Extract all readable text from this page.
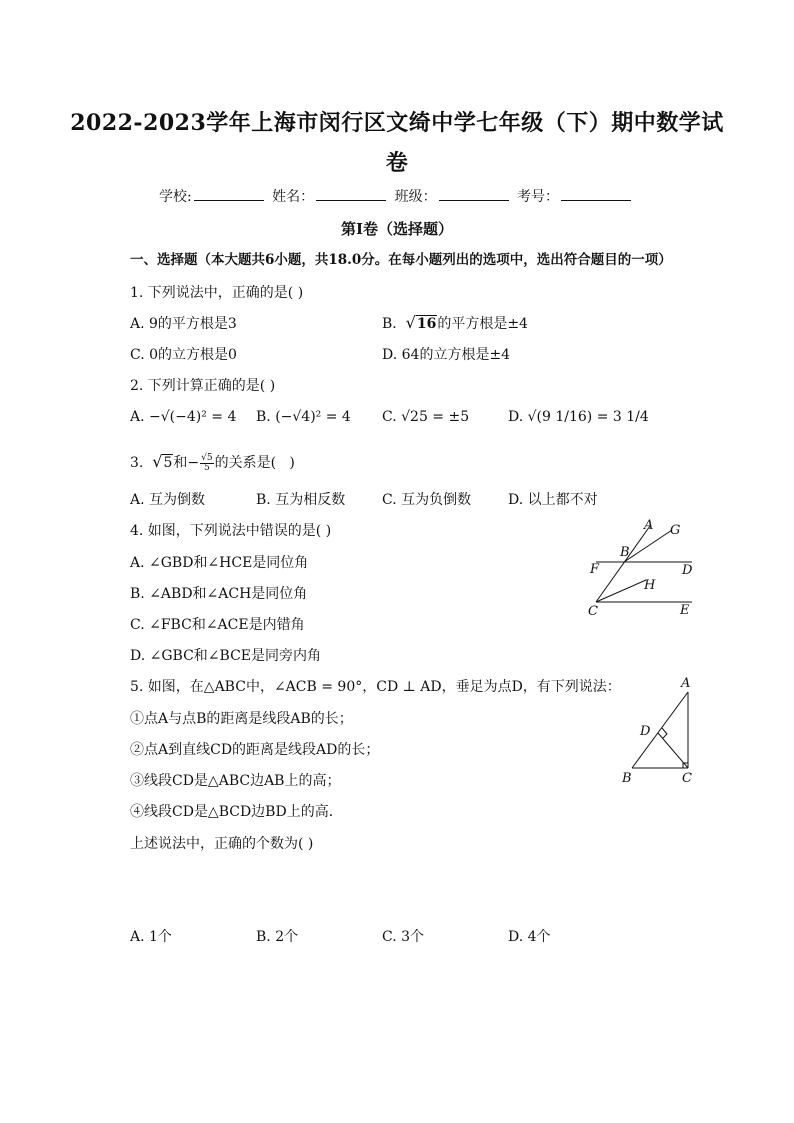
2022-2023学年上海市闵行区文绮中学七年级（下）期中数学试
卷
学校:	姓名：	班级：	考号：
第I卷（选择题）
一、选择题（本大题共6小题，共18.0分。在每小题列出的选项中，选出符合题目的一项）
1. 下列说法中，正确的是( )
A. 9的平方根是3	B.  √16的平方根是±4
C. 0的立方根是0	D. 64的立方根是±4
2. 下列计算正确的是( )
A. −√(−4)² = 4 B. (−√4)² = 4 C. √25 = ±5	D. √(9 1/16) = 3 1/4
3.  √5和− $\frac{√5}{5}$ 的关系是(   )
A. 互为倒数	B. 互为相反数	C. 互为负倒数	D. 以上都不对
4. 如图，下列说法中错误的是( )
A. ∠GBD和∠HCE是同位角
B. ∠ABD和∠ACH是同位角
C. ∠FBC和∠ACE是内错角
D. ∠GBC和∠BCE是同旁内角
A G
B
F	D
H
C	E
5. 如图，在△ABC中，∠ACB = 90°，CD ⊥ AD，垂足为点D，有下列说法：
①点A与点B的距离是线段AB的长；
②点A到直线CD的距离是线段AD的长；
③线段CD是△ABC边AB上的高；
④线段CD是△BCD边BD上的高．
上述说法中，正确的个数为( )
A
D
B	C
A. 1个	B. 2个	C. 3个	D. 4个
